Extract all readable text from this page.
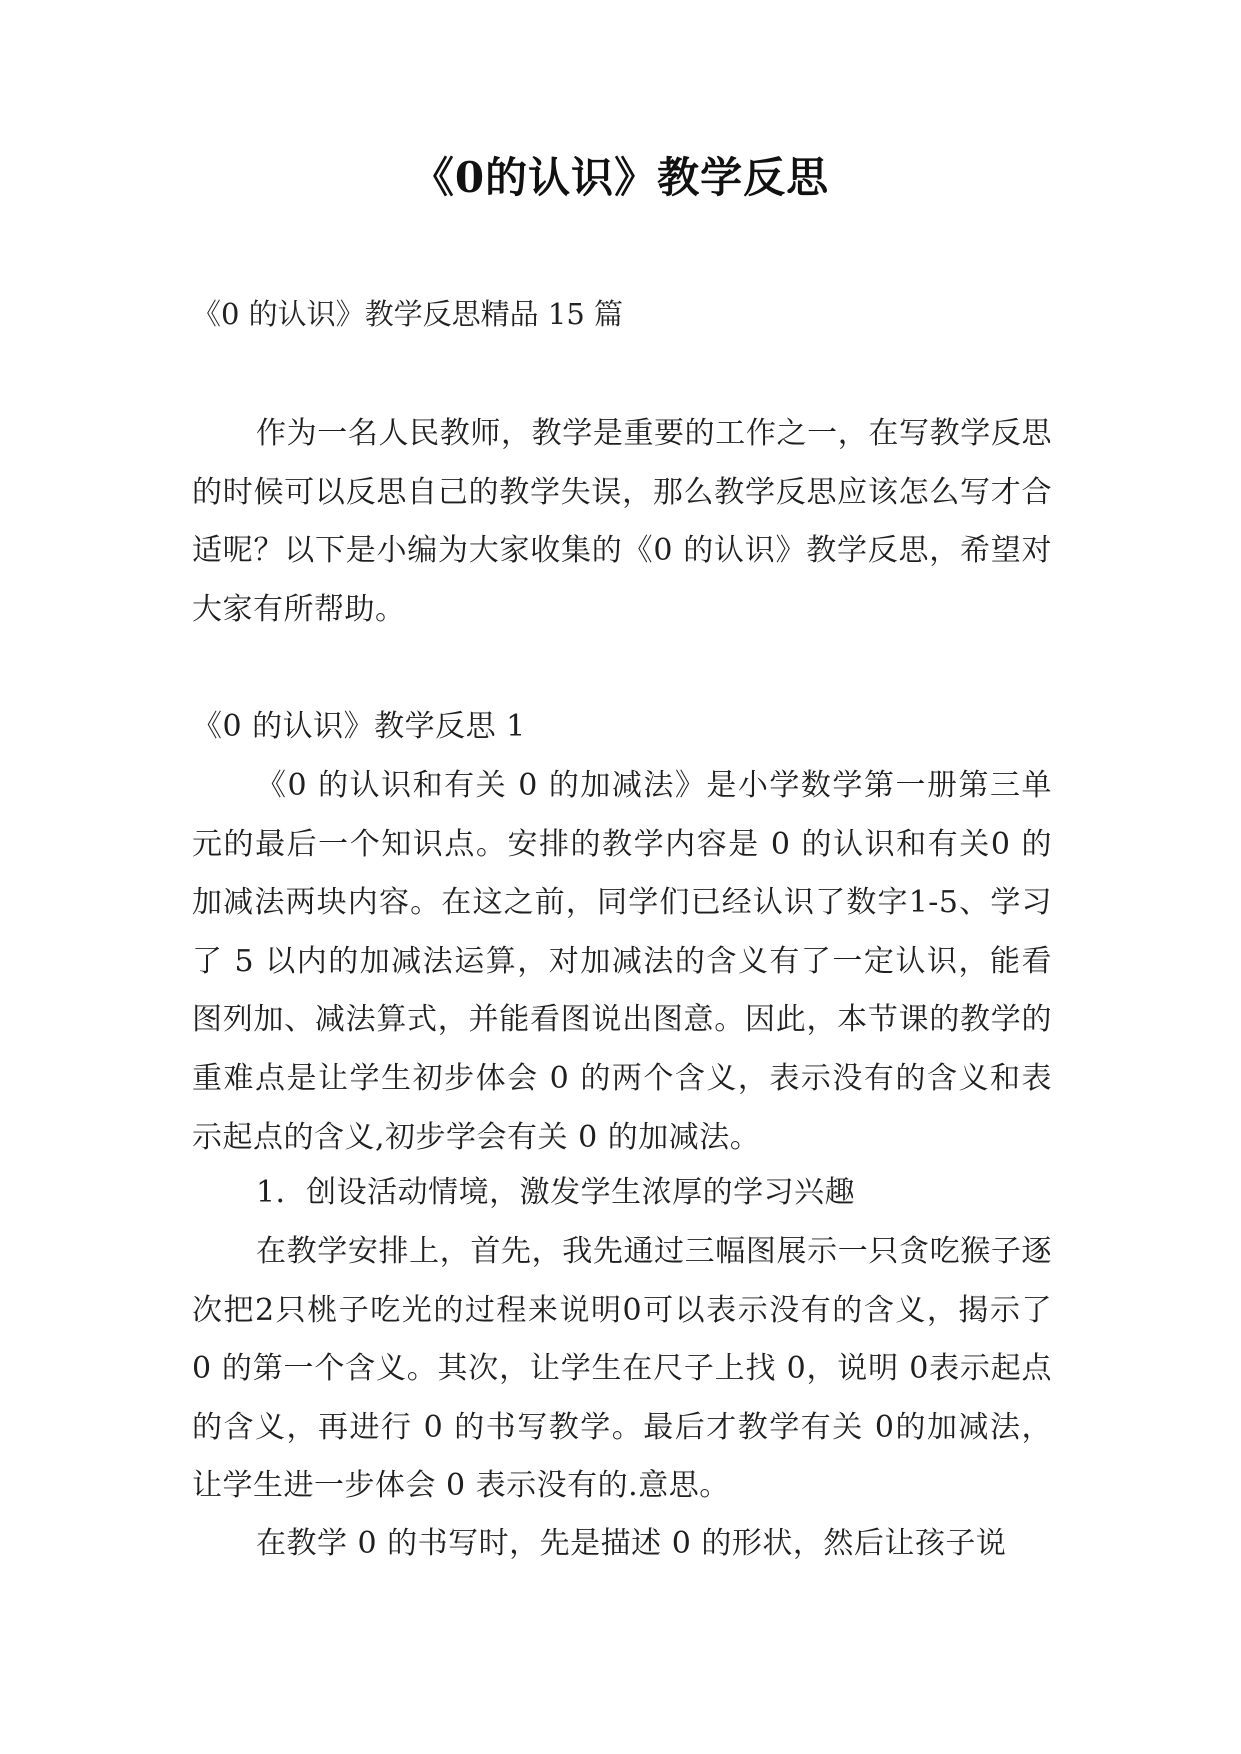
《0的认识》教学反思

《0 的认识》教学反思精品 15 篇

作为一名人民教师，教学是重要的工作之一，在写教学反思的时候可以反思自己的教学失误，那么教学反思应该怎么写才合适呢？以下是小编为大家收集的《0 的认识》教学反思，希望对大家有所帮助。

《0 的认识》教学反思 1

《0 的认识和有关 0 的加减法》是小学数学第一册第三单元的最后一个知识点。安排的教学内容是 0 的认识和有关0 的加减法两块内容。在这之前，同学们已经认识了数字1-5、学习了 5 以内的加减法运算，对加减法的含义有了一定认识，能看图列加、减法算式，并能看图说出图意。因此，本节课的教学的重难点是让学生初步体会 0 的两个含义，表示没有的含义和表示起点的含义,初步学会有关 0 的加减法。

1．创设活动情境，激发学生浓厚的学习兴趣

在教学安排上，首先，我先通过三幅图展示一只贪吃猴子逐次把2只桃子吃光的过程来说明0可以表示没有的含义，揭示了 0 的第一个含义。其次，让学生在尺子上找 0，说明 0表示起点的含义，再进行 0 的书写教学。最后才教学有关 0的加减法，让学生进一步体会 0 表示没有的.意思。

在教学 0 的书写时，先是描述 0 的形状，然后让孩子说
